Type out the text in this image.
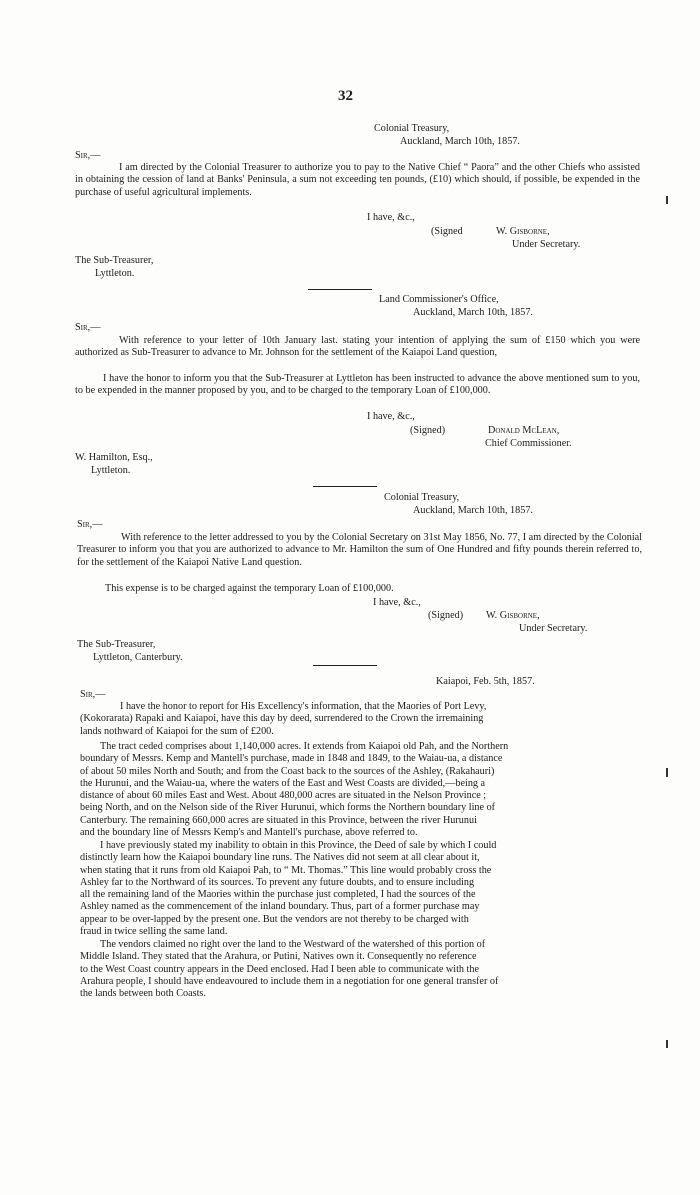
32
Colonial Treasury,
Auckland, March 10th, 1857.
Sir,—
I am directed by the Colonial Treasurer to authorize you to pay to the Native Chief “ Paora” and the other Chiefs who assisted in obtaining the cession of land at Banks' Peninsula, a sum not exceeding ten pounds, (£10) which should, if possible, be expended in the purchase of useful agricultural implements.
I have, &c.,
(Signed	W. Gisborne,
Under Secretary.
The Sub-Treasurer,
Lyttleton.
Land Commissioner's Office,
Auckland, March 10th, 1857.
Sir,—
With reference to your letter of 10th January last. stating your intention of applying the sum of £150 which you were authorized as Sub-Treasurer to advance to Mr. Johnson for the settlement of the Kaiapoi Land question,
I have the honor to inform you that the Sub-Treasurer at Lyttleton has been instructed to advance the above mentioned sum to you, to be expended in the manner proposed by you, and to be charged to the temporary Loan of £100,000.
I have, &c.,
(Signed)	Donald McLean,
Chief Commissioner.
W. Hamilton, Esq.,
Lyttleton.
Colonial Treasury,
Auckland, March 10th, 1857.
Sir,—
With reference to the letter addressed to you by the Colonial Secretary on 31st May 1856, No. 77, I am directed by the Colonial Treasurer to inform you that you are authorized to advance to Mr. Hamilton the sum of One Hundred and fifty pounds therein referred to, for the settlement of the Kaiapoi Native Land question.
This expense is to be charged against the temporary Loan of £100,000.
I have, &c.,
(Signed) W. Gisborne,
Under Secretary.
The Sub-Treasurer,
Lyttleton, Canterbury.
Kaiapoi, Feb. 5th, 1857.
Sir,—
I have the honor to report for His Excellency's information, that the Maories of Port Levy,
(Kokorarata) Rapaki and Kaiapoi, have this day by deed, surrendered to the Crown the irremaining
lands nothward of Kaiapoi for the sum of £200.
The tract ceded comprises about 1,140,000 acres. It extends from Kaiapoi old Pah, and the Northern
boundary of Messrs. Kemp and Mantell's purchase, made in 1848 and 1849, to the Waiau-ua, a distance
of about 50 miles North and South; and from the Coast back to the sources of the Ashley, (Rakahauri)
the Hurunui, and the Waiau-ua, where the waters of the East and West Coasts are divided,—being a
distance of about 60 miles East and West. About 480,000 acres are situated in the Nelson Province ;
being North, and on the Nelson side of the River Hurunui, which forms the Northern boundary line of
Canterbury. The remaining 660,000 acres are situated in this Province, between the river Hurunui
and the boundary line of Messrs Kemp's and Mantell's purchase, above referred to.
I have previously stated my inability to obtain in this Province, the Deed of sale by which I could
distinctly learn how the Kaiapoi boundary line runs. The Natives did not seem at all clear about it,
when stating that it runs from old Kaiapoi Pah, to “ Mt. Thomas.” This line would probably cross the
Ashley far to the Northward of its sources. To prevent any future doubts, and to ensure including
all the remaining land of the Maories within the purchase just completed, I had the sources of the
Ashley named as the commencement of the inland boundary. Thus, part of a former purchase may
appear to be over-lapped by the present one. But the vendors are not thereby to be charged with
fraud in twice selling the same land.
The vendors claimed no right over the land to the Westward of the watershed of this portion of
Middle Island. They stated that the Arahura, or Putini, Natives own it. Consequently no reference
to the West Coast country appears in the Deed enclosed. Had I been able to communicate with the
Arahura people, I should have endeavoured to include them in a negotiation for one general transfer of
the lands between both Coasts.
